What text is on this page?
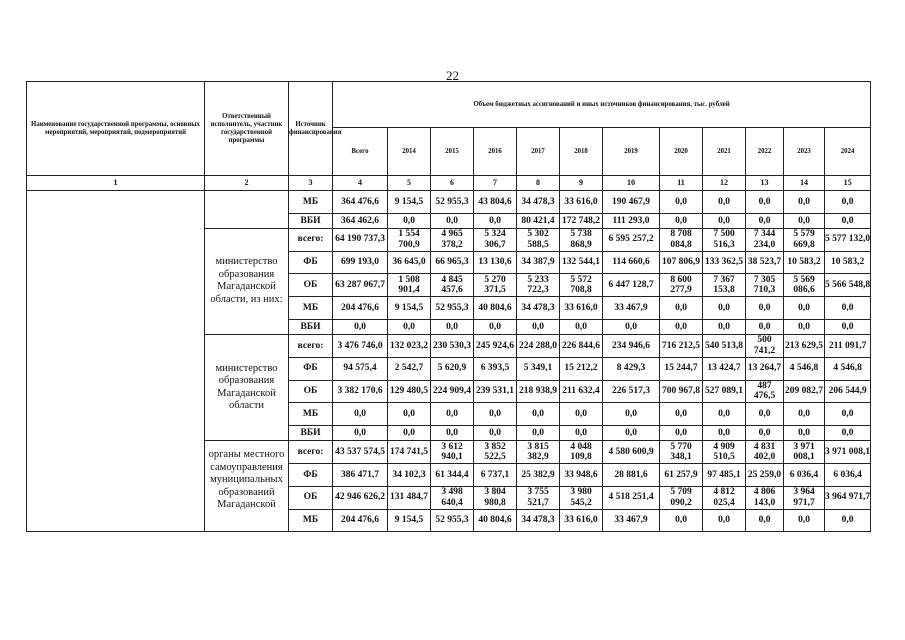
22
Наименование государственной программы, основных мероприятий, мероприятий, подмероприятий	Ответственный исполнитель, участник государственной программы	Источник финансирования	Объем бюджетных ассигнований и иных источников финансирования, тыс. рублей											
			Всего	2014	2015	2016	2017	2018	2019	2020	2021	2022	2023	2024
1	2	3	4	5	6	7	8	9	10	11	12	13	14	15
		МБ	364 476,6	9 154,5	52 955,3	43 804,6	34 478,3	33 616,0	190 467,9	0,0	0,0	0,0	0,0	0,0
		ВБИ	364 462,6	0,0	0,0	0,0	80 421,4	172 748,2	111 293,0	0,0	0,0	0,0	0,0	0,0
	министерство образования Магаданской области, из них:	всего:	64 190 737,3	1 554 700,9	4 965 378,2	5 324 306,7	5 302 588,5	5 738 868,9	6 595 257,2	8 708 084,8	7 500 516,3	7 344 234,0	5 579 669,8	5 577 132,0
		ФБ	699 193,0	36 645,0	66 965,3	13 130,6	34 387,9	132 544,1	114 660,6	107 806,9	133 362,5	38 523,7	10 583,2	10 583,2
		ОБ	63 287 067,7	1 508 901,4	4 845 457,6	5 270 371,5	5 233 722,3	5 572 708,8	6 447 128,7	8 600 277,9	7 367 153,8	7 305 710,3	5 569 086,6	5 566 548,8
		МБ	204 476,6	9 154,5	52 955,3	40 804,6	34 478,3	33 616,0	33 467,9	0,0	0,0	0,0	0,0	0,0
		ВБИ	0,0	0,0	0,0	0,0	0,0	0,0	0,0	0,0	0,0	0,0	0,0	0,0
	министерство образования Магаданской области	всего:	3 476 746,0	132 023,2	230 530,3	245 924,6	224 288,0	226 844,6	234 946,6	716 212,5	540 513,8	500 741,2	213 629,5	211 091,7
		ФБ	94 575,4	2 542,7	5 620,9	6 393,5	5 349,1	15 212,2	8 429,3	15 244,7	13 424,7	13 264,7	4 546,8	4 546,8
		ОБ	3 382 170,6	129 480,5	224 909,4	239 531,1	218 938,9	211 632,4	226 517,3	700 967,8	527 089,1	487 476,5	209 082,7	206 544,9
		МБ	0,0	0,0	0,0	0,0	0,0	0,0	0,0	0,0	0,0	0,0	0,0	0,0
		ВБИ	0,0	0,0	0,0	0,0	0,0	0,0	0,0	0,0	0,0	0,0	0,0	0,0
	органы местного самоуправления муниципальных образований Магаданской	всего:	43 537 574,5	174 741,5	3 612 940,1	3 852 522,5	3 815 382,9	4 048 109,8	4 580 600,9	5 770 348,1	4 909 510,5	4 831 402,0	3 971 008,1	3 971 008,1
		ФБ	386 471,7	34 102,3	61 344,4	6 737,1	25 382,9	33 948,6	28 881,6	61 257,9	97 485,1	25 259,0	6 036,4	6 036,4
		ОБ	42 946 626,2	131 484,7	3 498 640,4	3 804 980,8	3 755 521,7	3 980 545,2	4 518 251,4	5 709 090,2	4 812 025,4	4 806 143,0	3 964 971,7	3 964 971,7
		МБ	204 476,6	9 154,5	52 955,3	40 804,6	34 478,3	33 616,0	33 467,9	0,0	0,0	0,0	0,0	0,0
